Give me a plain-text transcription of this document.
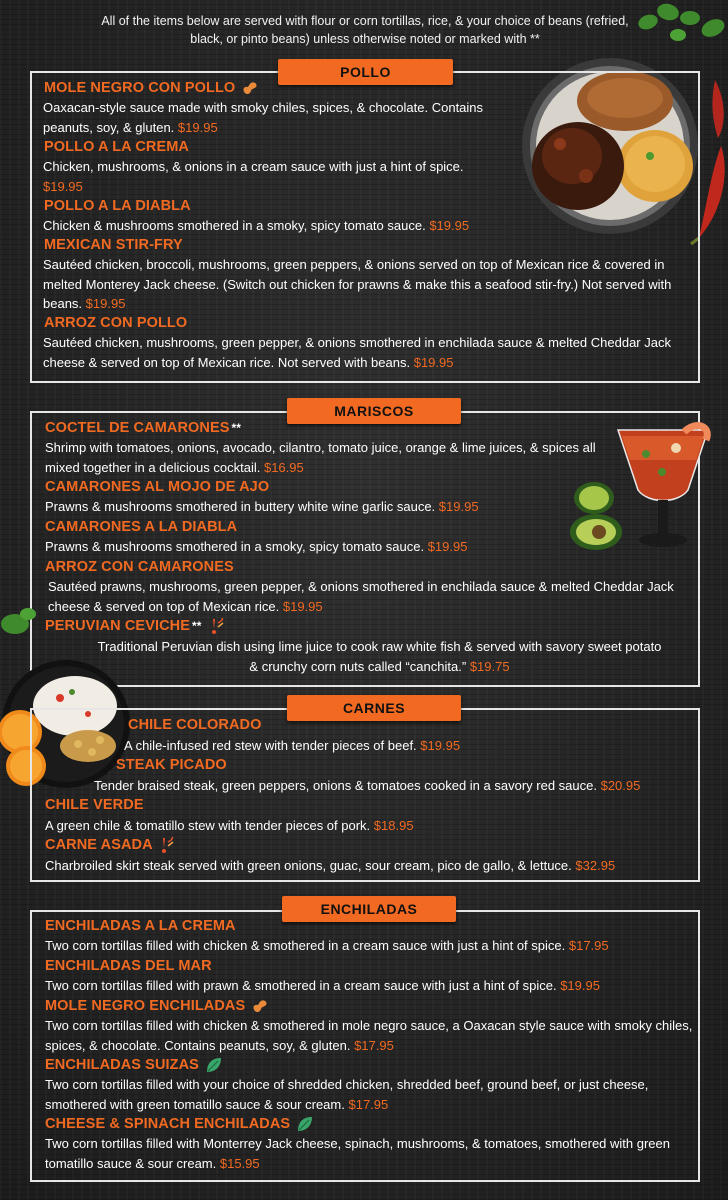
All of the items below are served with flour or corn tortillas, rice, & your choice of beans (refried, black, or pinto beans) unless otherwise noted or marked with **
POLLO
MOLE NEGRO CON POLLO
Oaxacan-style sauce made with smoky chiles, spices, & chocolate. Contains peanuts, soy, & gluten. $19.95
POLLO A LA CREMA
Chicken, mushrooms, & onions in a cream sauce with just a hint of spice. $19.95
POLLO A LA DIABLA
Chicken & mushrooms smothered in a smoky, spicy tomato sauce. $19.95
MEXICAN STIR-FRY
Sautéed chicken, broccoli, mushrooms, green peppers, & onions served on top of Mexican rice & covered in melted Monterey Jack cheese. (Switch out chicken for prawns & make this a seafood stir-fry.) Not served with beans. $19.95
ARROZ CON POLLO
Sautéed chicken, mushrooms, green pepper, & onions smothered in enchilada sauce & melted Cheddar Jack cheese & served on top of Mexican rice. Not served with beans. $19.95
MARISCOS
COCTEL DE CAMARONES **
Shrimp with tomatoes, onions, avocado, cilantro, tomato juice, orange & lime juices, & spices all mixed together in a delicious cocktail. $16.95
CAMARONES AL MOJO DE AJO
Prawns & mushrooms smothered in buttery white wine garlic sauce. $19.95
CAMARONES A LA DIABLA
Prawns & mushrooms smothered in a smoky, spicy tomato sauce. $19.95
ARROZ CON CAMARONES
Sautéed prawns, mushrooms, green pepper, & onions smothered in enchilada sauce & melted Cheddar Jack cheese & served on top of Mexican rice. $19.95
PERUVIAN CEVICHE **
Traditional Peruvian dish using lime juice to cook raw white fish & served with savory sweet potato & crunchy corn nuts called “canchita.” $19.75
CARNES
CHILE COLORADO
A chile-infused red stew with tender pieces of beef. $19.95
STEAK PICADO
Tender braised steak, green peppers, onions & tomatoes cooked in a savory red sauce. $20.95
CHILE VERDE
A green chile & tomatillo stew with tender pieces of pork. $18.95
CARNE ASADA
Charbroiled skirt steak served with green onions, guac, sour cream, pico de gallo, & lettuce. $32.95
ENCHILADAS
ENCHILADAS A LA CREMA
Two corn tortillas filled with chicken & smothered in a cream sauce with just a hint of spice. $17.95
ENCHILADAS DEL MAR
Two corn tortillas filled with prawn & smothered in a cream sauce with just a hint of spice. $19.95
MOLE NEGRO ENCHILADAS
Two corn tortillas filled with chicken & smothered in mole negro sauce, a Oaxacan style sauce with smoky chiles, spices, & chocolate. Contains peanuts, soy, & gluten. $17.95
ENCHILADAS SUIZAS
Two corn tortillas filled with your choice of shredded chicken, shredded beef, ground beef, or just cheese, smothered with green tomatillo sauce & sour cream. $17.95
CHEESE & SPINACH ENCHILADAS
Two corn tortillas filled with Monterrey Jack cheese, spinach, mushrooms, & tomatoes, smothered with green tomatillo sauce & sour cream. $15.95
